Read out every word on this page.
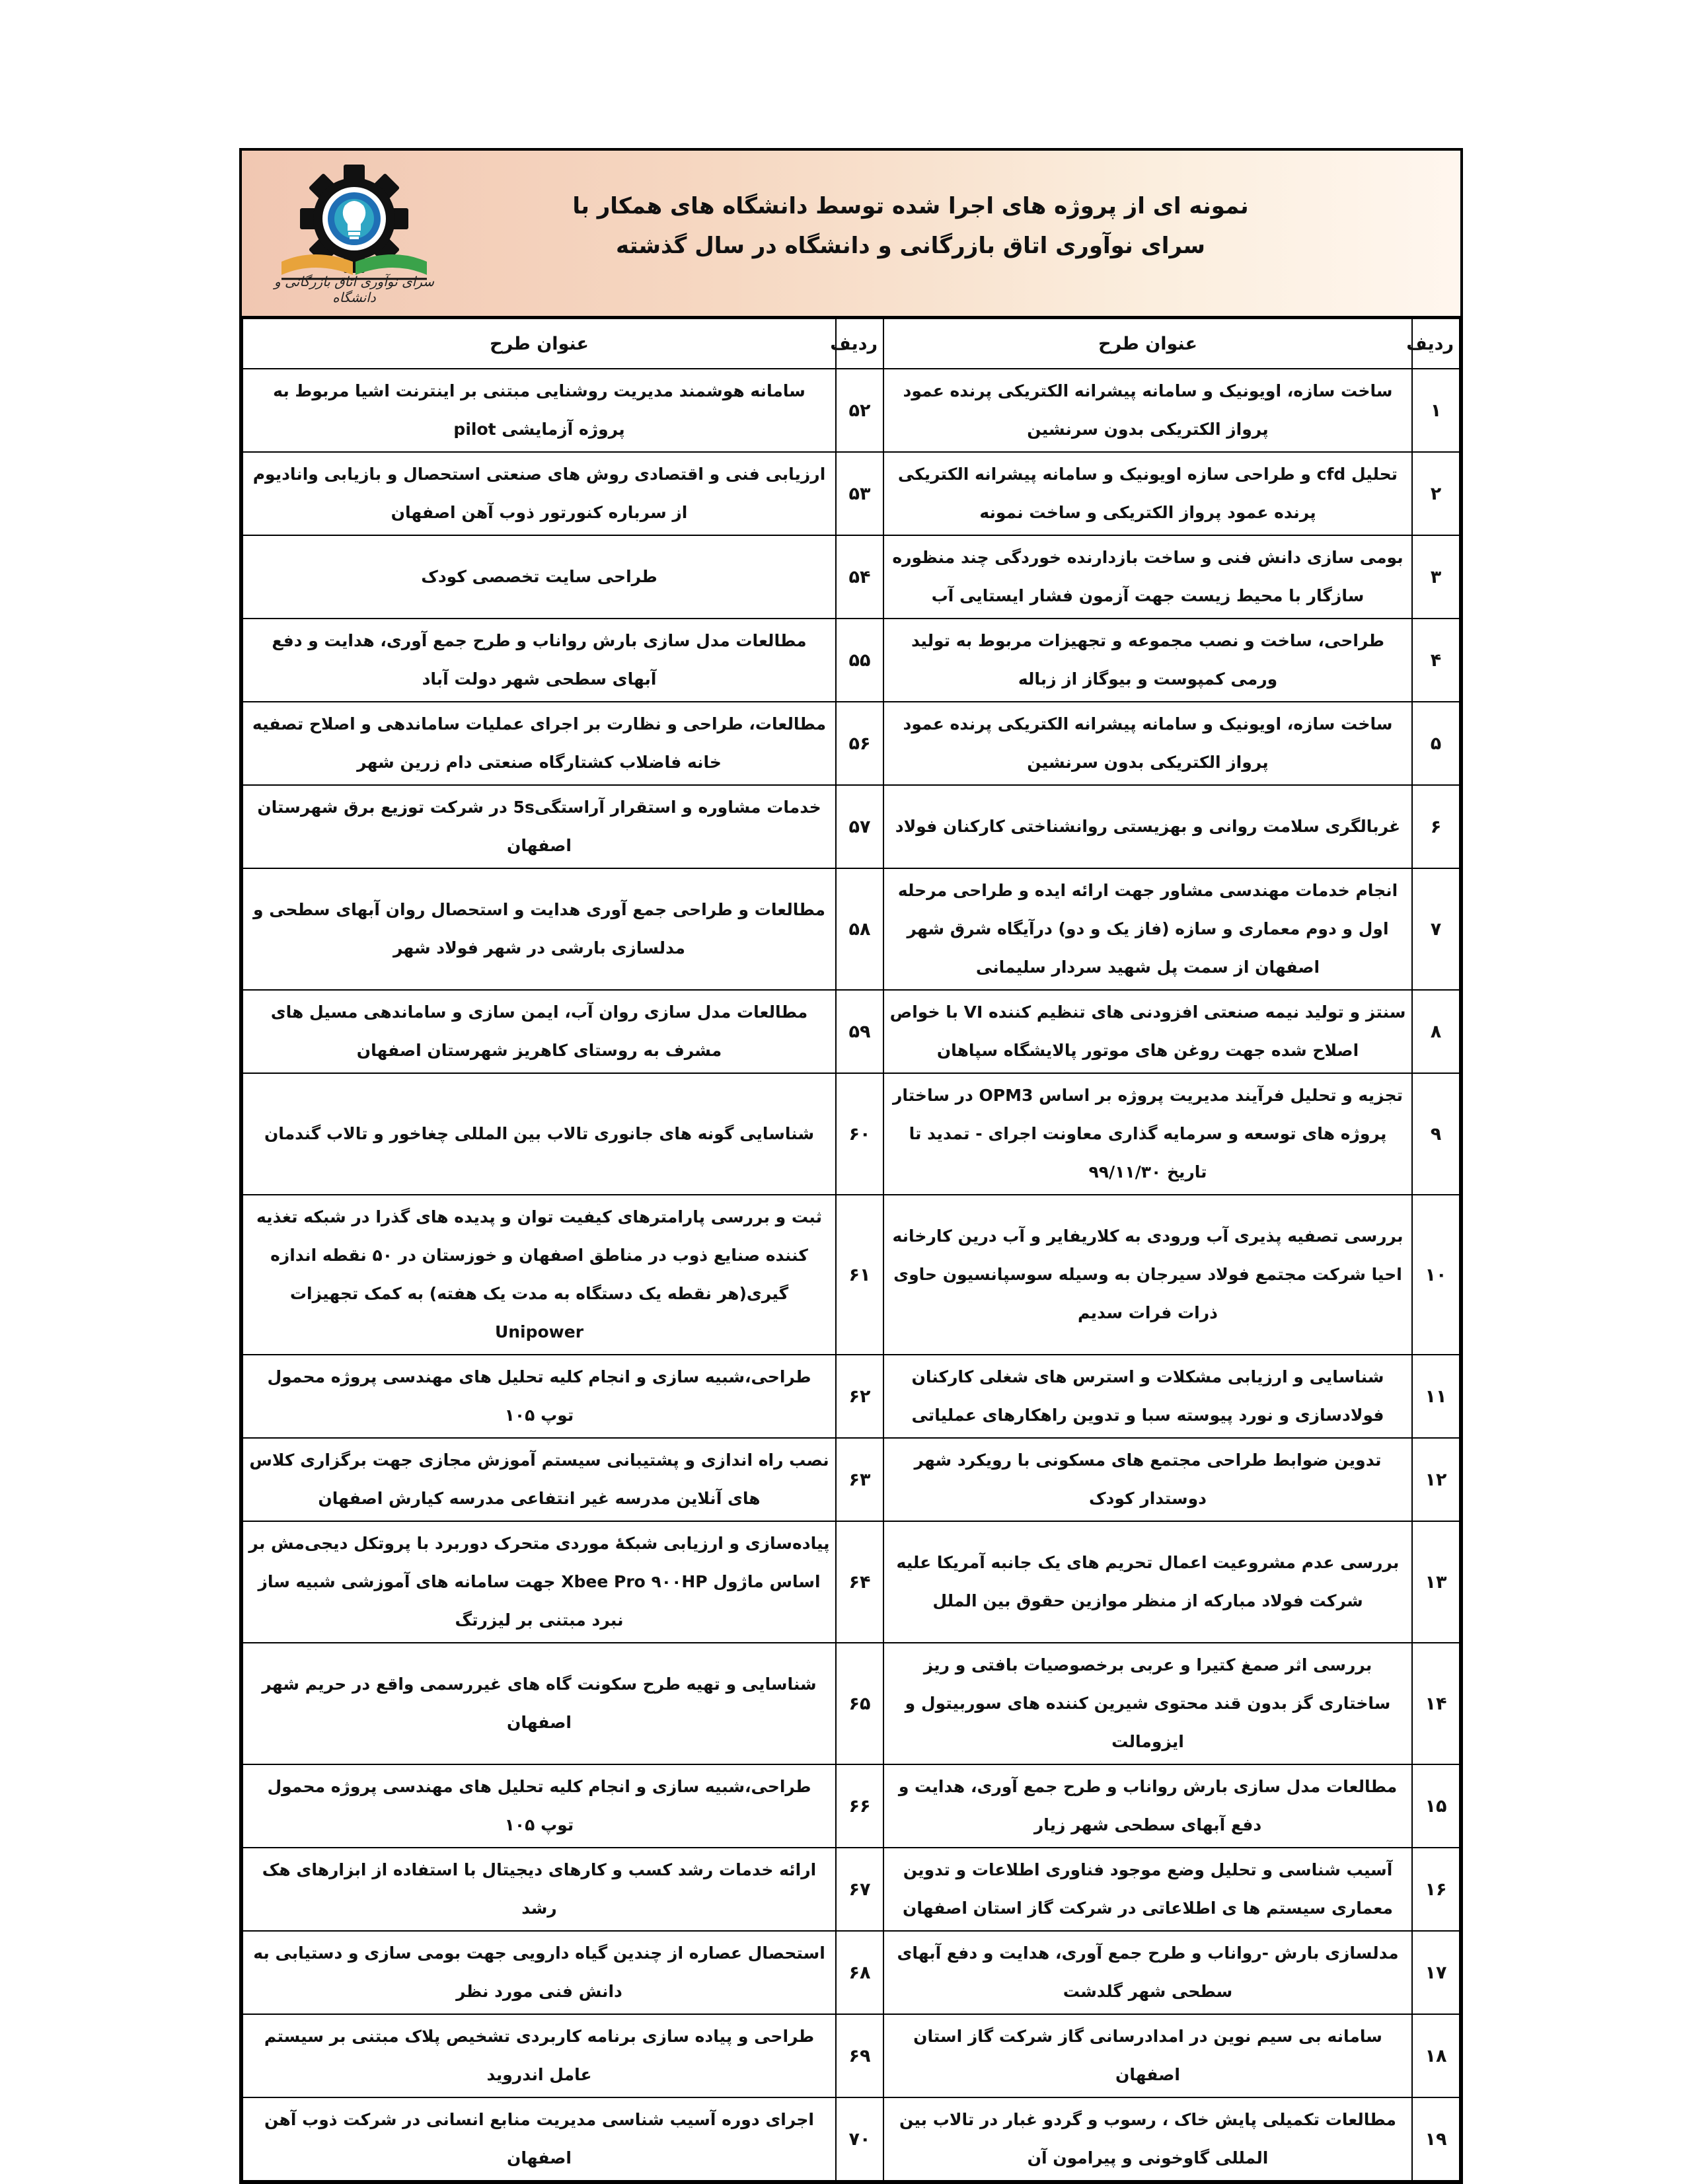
سرای نوآوری اتاق بازرگانی و دانشگاه
نمونه ای از پروژه های اجرا شده توسط دانشگاه های همکار با
سرای نوآوری اتاق بازرگانی و دانشگاه در سال گذشته
ردیف	عنوان طرح	ردیف	عنوان طرح
۱	ساخت سازه، اویونیک و سامانه پیشرانه الکتریکی پرنده عمود پرواز الکتریکی بدون سرنشین	۵۲	سامانه هوشمند مدیریت روشنایی مبتنی بر اینترنت اشیا مربوط به پروژه آزمایشی pilot
۲	تحلیل cfd و طراحی سازه اویونیک و سامانه پیشرانه الکتریکی پرنده عمود پرواز الکتریکی و ساخت نمونه	۵۳	ارزیابی فنی و اقتصادی روش های صنعتی استحصال و بازیابی وانادیوم از سرباره کنورتور ذوب آهن اصفهان
۳	بومی سازی دانش فنی و ساخت بازدارنده خوردگی چند منظوره سازگار با محیط زیست جهت آزمون فشار ایستایی آب	۵۴	طراحی سایت تخصصی کودک
۴	طراحی، ساخت و نصب مجموعه و تجهیزات مربوط به تولید ورمی کمپوست و بیوگاز از زباله	۵۵	مطالعات مدل سازی بارش رواناب و طرح جمع آوری، هدایت و دفع آبهای سطحی شهر دولت آباد
۵	ساخت سازه، اویونیک و سامانه پیشرانه الکتریکی پرنده عمود پرواز الکتریکی بدون سرنشین	۵۶	مطالعات، طراحی و نظارت بر اجرای عملیات ساماندهی و اصلاح تصفیه خانه فاضلاب کشتارگاه صنعتی دام زرین شهر
۶	غربالگری سلامت روانی و بهزیستی روانشناختی کارکنان فولاد	۵۷	خدمات مشاوره و استقرار آراستگی5s در شرکت توزیع برق شهرستان اصفهان
۷	انجام خدمات مهندسی مشاور جهت ارائه ایده و طراحی مرحله اول و دوم معماری و سازه (فاز یک و دو) درآیگاه شرق شهر اصفهان از سمت پل شهید سردار سلیمانی	۵۸	مطالعات و طراحی جمع آوری هدایت و استحصال روان آبهای سطحی و مدلسازی بارشی در شهر فولاد شهر
۸	سنتز و تولید نیمه صنعتی افزودنی های تنظیم کننده VI با خواص اصلاح شده جهت روغن های موتور پالایشگاه سپاهان	۵۹	مطالعات مدل سازی روان آب، ایمن سازی و ساماندهی مسیل های مشرف به روستای کاهریز شهرستان اصفهان
۹	تجزیه و تحلیل فرآیند مدیریت پروژه بر اساس OPM3 در ساختار پروژه های توسعه و سرمایه گذاری معاونت اجرای - تمدید تا تاریخ ۹۹/۱۱/۳۰	۶۰	شناسایی گونه های جانوری تالاب بین المللی چغاخور و تالاب گندمان
۱۰	بررسی تصفیه پذیری آب ورودی به کلاریفایر و آب درین کارخانه احیا شرکت مجتمع فولاد سیرجان به وسیله سوسپانسیون حاوی ذرات فرات سدیم	۶۱	ثبت و بررسی پارامترهای کیفیت توان و پدیده های گذرا در شبکه تغذیه کننده صنایع ذوب در مناطق اصفهان و خوزستان در ۵۰ نقطه اندازه گیری(هر نقطه یک دستگاه به مدت یک هفته) به کمک تجهیزات Unipower
۱۱	شناسایی و ارزیابی مشکلات و استرس های شغلی کارکنان فولادسازی و نورد پیوسته سبا و تدوین راهکارهای عملیاتی	۶۲	طراحی،شبیه سازی و انجام کلیه تحلیل های مهندسی پروژه محمول توپ ۱۰۵
۱۲	تدوین ضوابط طراحی مجتمع های مسکونی با رویکرد شهر دوستدار کودک	۶۳	نصب راه اندازی و پشتیبانی سیستم آموزش مجازی جهت برگزاری کلاس های آنلاین مدرسه غیر انتفاعی مدرسه کیارش اصفهان
۱۳	بررسی عدم مشروعیت اعمال تحریم های یک جانبه آمریکا علیه شرکت فولاد مبارکه از منظر موازین حقوق بین الملل	۶۴	پیاده‌سازی و ارزیابی شبکهٔ موردی متحرک دوربرد با پروتکل دیجی‌مش بر اساس ماژول Xbee Pro ۹۰۰HP جهت سامانه های آموزشی شبیه ساز نبرد مبتنی بر لیزرتگ
۱۴	بررسی اثر صمغ کتیرا و عربی برخصوصیات بافتی و ریز ساختاری گز بدون قند محتوی شیرین کننده های سوربیتول و ایزومالت	۶۵	شناسایی و تهیه طرح سکونت گاه های غیررسمی واقع در حریم شهر اصفهان
۱۵	مطالعات مدل سازی بارش رواناب و طرح جمع آوری، هدایت و دفع آبهای سطحی شهر زیار	۶۶	طراحی،شبیه سازی و انجام کلیه تحلیل های مهندسی پروژه محمول توپ ۱۰۵
۱۶	آسیب شناسی و تحلیل وضع موجود فناوری اطلاعات و تدوین معماری سیستم ها ی اطلاعاتی در شرکت گاز استان اصفهان	۶۷	ارائه خدمات رشد کسب و کارهای دیجیتال با استفاده از ابزارهای هک رشد
۱۷	مدلسازی بارش -رواناب و طرح جمع آوری، هدایت و دفع آبهای سطحی شهر گلدشت	۶۸	استحصال عصاره از چندین گیاه دارویی جهت بومی سازی و دستیابی به دانش فنی مورد نظر
۱۸	سامانه بی سیم نوین در امدادرسانی گاز شرکت گاز استان اصفهان	۶۹	طراحی و پیاده سازی برنامه کاربردی تشخیص پلاک مبتنی بر سیستم عامل اندروید
۱۹	مطالعات تکمیلی پایش خاک ، رسوب و گردو غبار در تالاب بین المللی گاوخونی و پیرامون آن	۷۰	اجرای دوره آسیب شناسی مدیریت منابع انسانی در شرکت ذوب آهن اصفهان
